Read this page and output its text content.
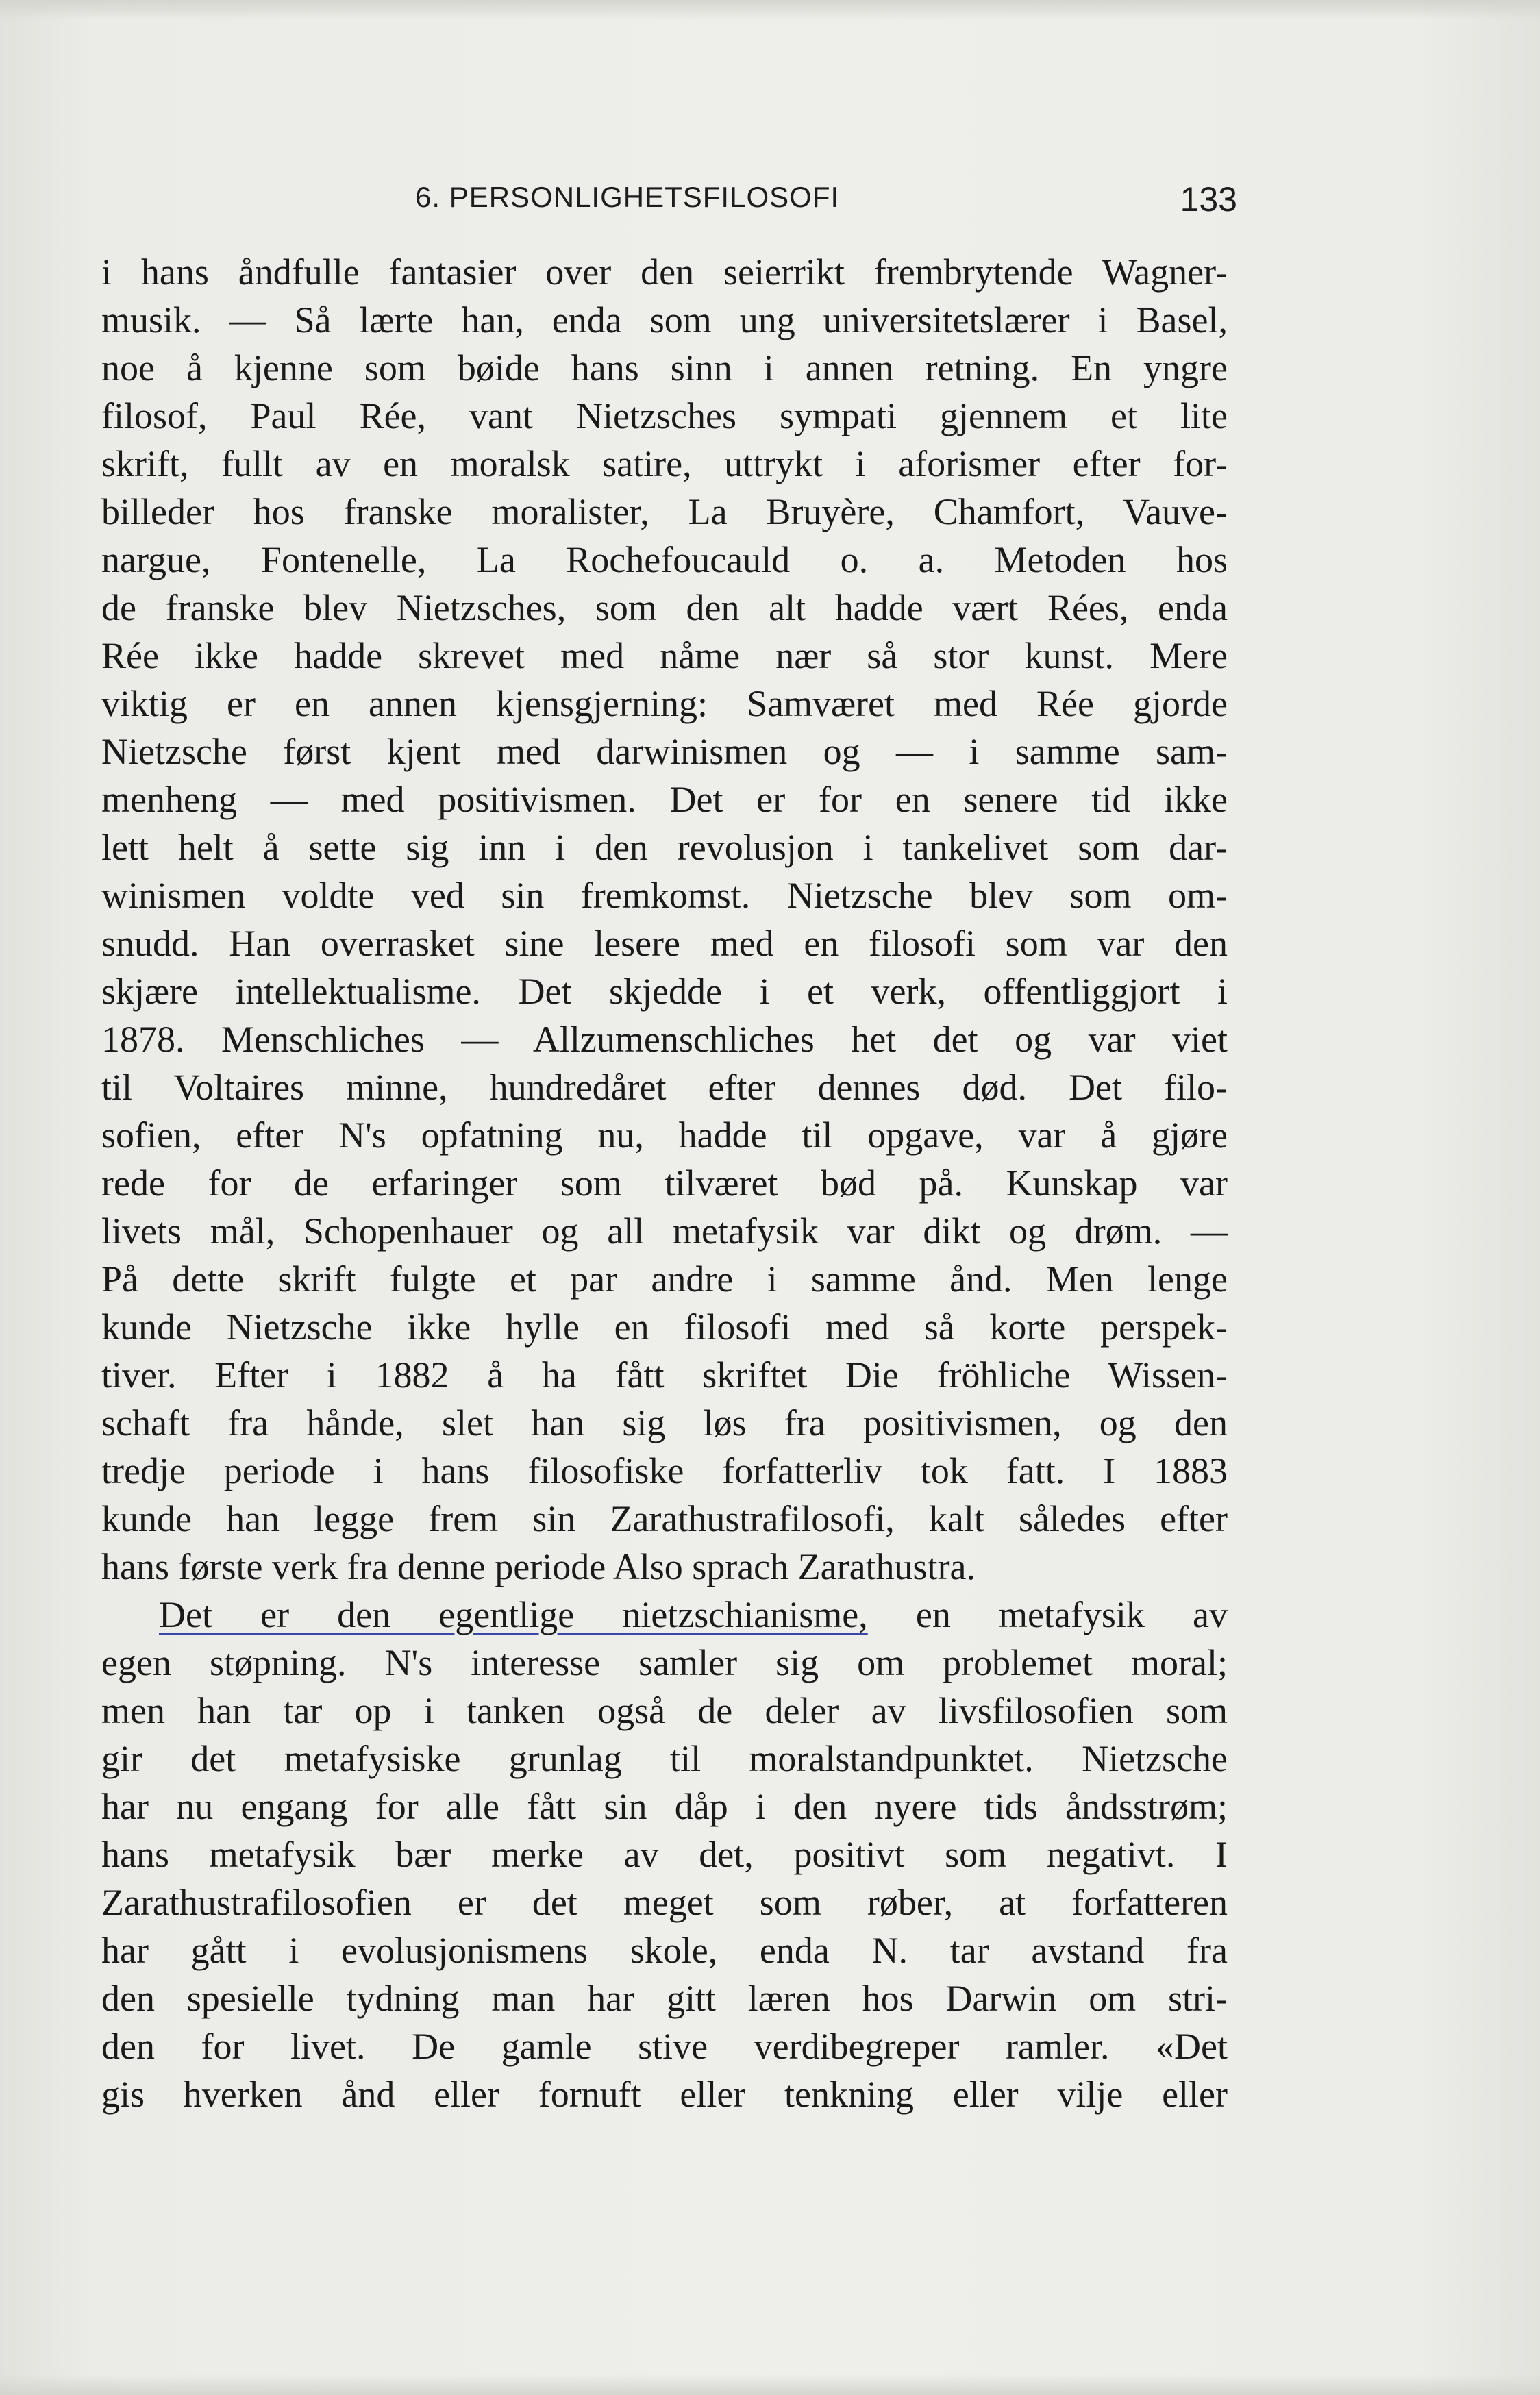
6. PERSONLIGHETSFILOSOFI	133
i hans åndfulle fantasier over den seierrikt frembrytende Wagner-
musik. — Så lærte han, enda som ung universitetslærer i Basel,
noe å kjenne som bøide hans sinn i annen retning. En yngre
filosof, Paul Rée, vant Nietzsches sympati gjennem et lite
skrift, fullt av en moralsk satire, uttrykt i aforismer efter for-
billeder hos franske moralister, La Bruyère, Chamfort, Vauve-
nargue, Fontenelle, La Rochefoucauld o. a. Metoden hos
de franske blev Nietzsches, som den alt hadde vært Rées, enda
Rée ikke hadde skrevet med nåme nær så stor kunst. Mere
viktig er en annen kjensgjerning: Samværet med Rée gjorde
Nietzsche først kjent med darwinismen og — i samme sam-
menheng — med positivismen. Det er for en senere tid ikke
lett helt å sette sig inn i den revolusjon i tankelivet som dar-
winismen voldte ved sin fremkomst. Nietzsche blev som om-
snudd. Han overrasket sine lesere med en filosofi som var den
skjære intellektualisme. Det skjedde i et verk, offentliggjort i
1878. Menschliches — Allzumenschliches het det og var viet
til Voltaires minne, hundredåret efter dennes død. Det filo-
sofien, efter N's opfatning nu, hadde til opgave, var å gjøre
rede for de erfaringer som tilværet bød på. Kunskap var
livets mål, Schopenhauer og all metafysik var dikt og drøm. —
På dette skrift fulgte et par andre i samme ånd. Men lenge
kunde Nietzsche ikke hylle en filosofi med så korte perspek-
tiver. Efter i 1882 å ha fått skriftet Die fröhliche Wissen-
schaft fra hånde, slet han sig løs fra positivismen, og den
tredje periode i hans filosofiske forfatterliv tok fatt. I 1883
kunde han legge frem sin Zarathustrafilosofi, kalt således efter
hans første verk fra denne periode Also sprach Zarathustra.
Det er den egentlige nietzschianisme, en metafysik av
egen støpning. N's interesse samler sig om problemet moral;
men han tar op i tanken også de deler av livsfilosofien som
gir det metafysiske grunlag til moralstandpunktet. Nietzsche
har nu engang for alle fått sin dåp i den nyere tids åndsstrøm;
hans metafysik bær merke av det, positivt som negativt. I
Zarathustrafilosofien er det meget som røber, at forfatteren
har gått i evolusjonismens skole, enda N. tar avstand fra
den spesielle tydning man har gitt læren hos Darwin om stri-
den for livet. De gamle stive verdibegreper ramler. «Det
gis hverken ånd eller fornuft eller tenkning eller vilje eller
